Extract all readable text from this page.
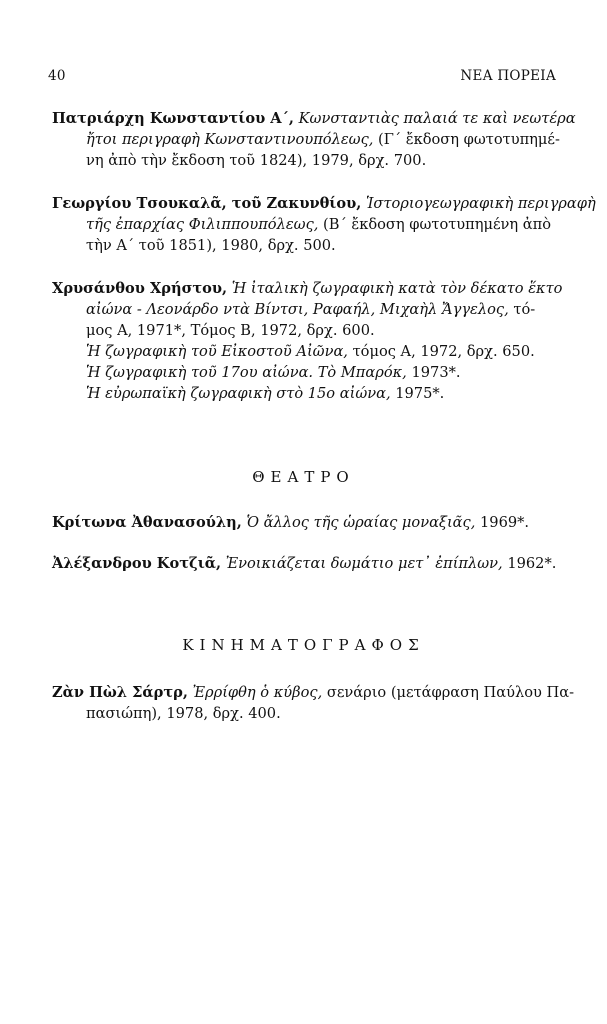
40	ΝΕΑ ΠΟΡΕΙΑ

Πατριάρχη Κωνσταντίου Α΄, Κωνσταντιὰς παλαιά τε καὶ νεωτέρα
ἤτοι περιγραφὴ Κωνσταντινουπόλεως, (Γ΄ ἔκδοση φωτοτυπημέ-
νη ἀπὸ τὴν ἔκδοση τοῦ 1824), 1979, δρχ. 700.

Γεωργίου Τσουκαλᾶ, τοῦ Ζακυνθίου, Ἱστοριογεωγραφικὴ περιγραφὴ
τῆς ἐπαρχίας Φιλιππουπόλεως, (Β΄ ἔκδοση φωτοτυπημένη ἀπὸ
τὴν Α΄ τοῦ 1851), 1980, δρχ. 500.

Χρυσάνθου Χρήστου, Ἡ ἰταλικὴ ζωγραφικὴ κατὰ τὸν δέκατο ἕκτο
αἰώνα - Λεονάρδο ντὰ Βίντσι, Ραφαήλ, Μιχαὴλ Ἄγγελος, τό-
μος Α, 1971*, Τόμος Β, 1972, δρχ. 600.
Ἡ ζωγραφικὴ τοῦ Εἰκοστοῦ Αἰῶνα, τόμος Α, 1972, δρχ. 650.
Ἡ ζωγραφικὴ τοῦ 17ου αἰώνα. Τὸ Μπαρόκ, 1973*.
Ἡ εὐρωπαϊκὴ ζωγραφικὴ στὸ 15ο αἰώνα, 1975*.

ΘΕΑΤΡΟ

Κρίτωνα Ἀθανασούλη, Ὁ ἄλλος τῆς ὡραίας μοναξιᾶς, 1969*.

Ἀλέξανδρου Κοτζιᾶ, Ἐνοικιάζεται δωμάτιο μετ᾽ ἐπίπλων, 1962*.

ΚΙΝΗΜΑΤΟΓΡΑΦΟΣ

Ζὰν Πὼλ Σάρτρ, Ἐρρίφθη ὁ κύβος, σενάριο (μετάφραση Παύλου Πα-
πασιώπη), 1978, δρχ. 400.
